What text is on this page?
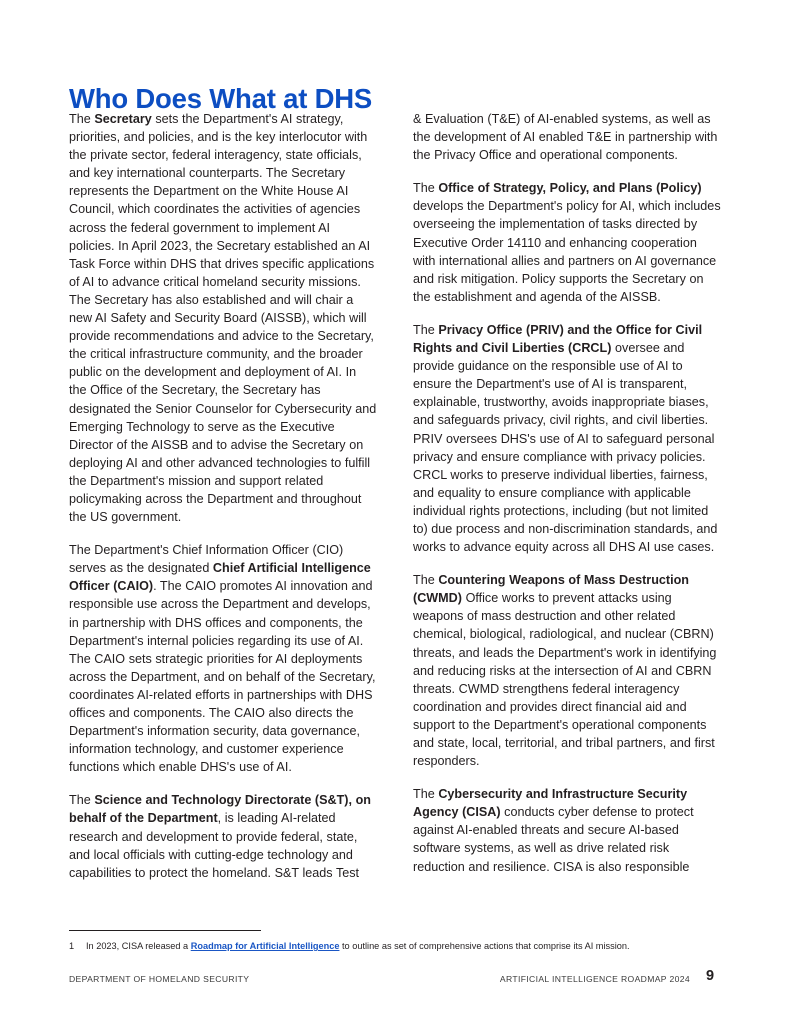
Who Does What at DHS

The Secretary sets the Department's AI strategy, priorities, and policies, and is the key interlocutor with the private sector, federal interagency, state officials, and key international counterparts. The Secretary represents the Department on the White House AI Council, which coordinates the activities of agencies across the federal government to implement AI policies. In April 2023, the Secretary established an AI Task Force within DHS that drives specific applications of AI to advance critical homeland security missions. The Secretary has also established and will chair a new AI Safety and Security Board (AISSB), which will provide recommendations and advice to the Secretary, the critical infrastructure community, and the broader public on the development and deployment of AI. In the Office of the Secretary, the Secretary has designated the Senior Counselor for Cybersecurity and Emerging Technology to serve as the Executive Director of the AISSB and to advise the Secretary on deploying AI and other advanced technologies to fulfill the Department's mission and support related policymaking across the Department and throughout the US government.

The Department's Chief Information Officer (CIO) serves as the designated Chief Artificial Intelligence Officer (CAIO). The CAIO promotes AI innovation and responsible use across the Department and develops, in partnership with DHS offices and components, the Department's internal policies regarding its use of AI. The CAIO sets strategic priorities for AI deployments across the Department, and on behalf of the Secretary, coordinates AI-related efforts in partnerships with DHS offices and components. The CAIO also directs the Department's information security, data governance, information technology, and customer experience functions which enable DHS's use of AI.

The Science and Technology Directorate (S&T), on behalf of the Department, is leading AI-related research and development to provide federal, state, and local officials with cutting-edge technology and capabilities to protect the homeland. S&T leads Test

& Evaluation (T&E) of AI-enabled systems, as well as the development of AI enabled T&E in partnership with the Privacy Office and operational components.

The Office of Strategy, Policy, and Plans (Policy) develops the Department's policy for AI, which includes overseeing the implementation of tasks directed by Executive Order 14110 and enhancing cooperation with international allies and partners on AI governance and risk mitigation. Policy supports the Secretary on the establishment and agenda of the AISSB.

The Privacy Office (PRIV) and the Office for Civil Rights and Civil Liberties (CRCL) oversee and provide guidance on the responsible use of AI to ensure the Department's use of AI is transparent, explainable, trustworthy, avoids inappropriate biases, and safeguards privacy, civil rights, and civil liberties. PRIV oversees DHS's use of AI to safeguard personal privacy and ensure compliance with privacy policies. CRCL works to preserve individual liberties, fairness, and equality to ensure compliance with applicable individual rights protections, including (but not limited to) due process and non-discrimination standards, and works to advance equity across all DHS AI use cases.

The Countering Weapons of Mass Destruction (CWMD) Office works to prevent attacks using weapons of mass destruction and other related chemical, biological, radiological, and nuclear (CBRN) threats, and leads the Department's work in identifying and reducing risks at the intersection of AI and CBRN threats. CWMD strengthens federal interagency coordination and provides direct financial aid and support to the Department's operational components and state, local, territorial, and tribal partners, and first responders.

The Cybersecurity and Infrastructure Security Agency (CISA) conducts cyber defense to protect against AI-enabled threats and secure AI-based software systems, as well as drive related risk reduction and resilience. CISA is also responsible

1	In 2023, CISA released a Roadmap for Artificial Intelligence to outline as set of comprehensive actions that comprise its AI mission.
DEPARTMENT OF HOMELAND SECURITY	ARTIFICIAL INTELLIGENCE ROADMAP 2024 9
